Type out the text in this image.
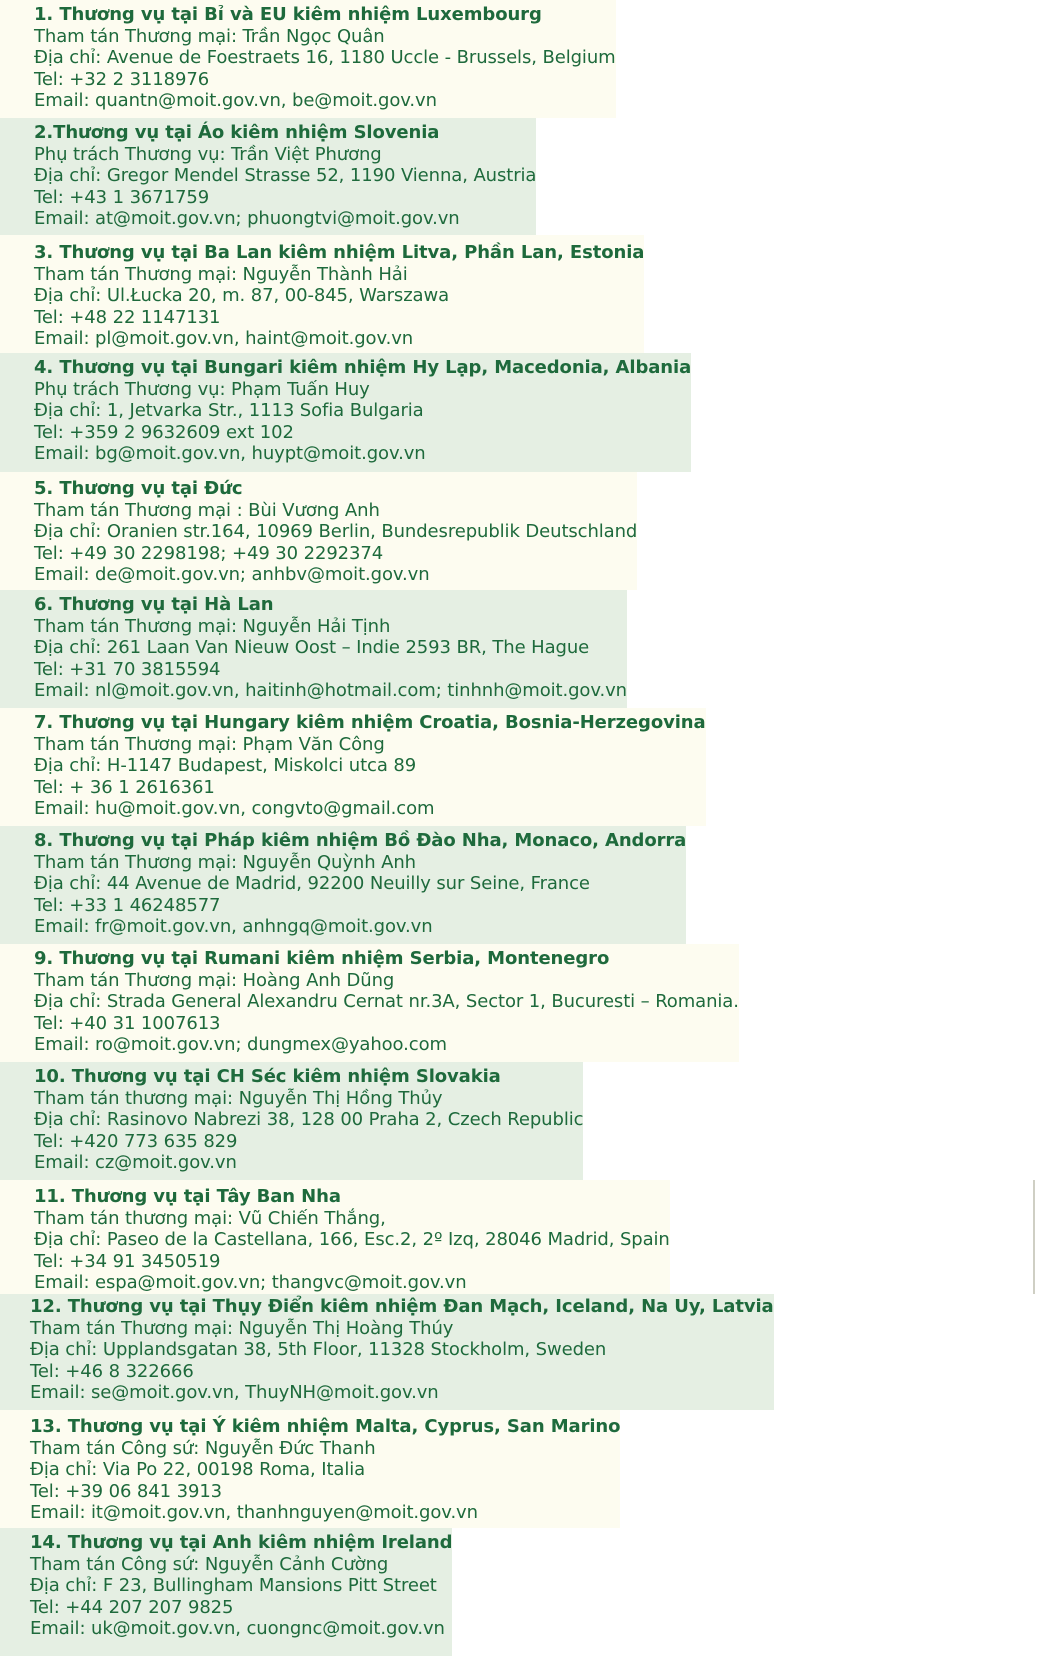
1. Thương vụ tại Bỉ và EU kiêm nhiệm Luxembourg
Tham tán Thương mại: Trần Ngọc Quân
Địa chỉ: Avenue de Foestraets 16, 1180 Uccle - Brussels, Belgium
Tel: +32 2 3118976
Email: quantn@moit.gov.vn, be@moit.gov.vn
2.Thương vụ tại Áo kiêm nhiệm Slovenia
Phụ trách Thương vụ: Trần Việt Phương
Địa chỉ: Gregor Mendel Strasse 52, 1190 Vienna, Austria
Tel: +43 1 3671759
Email: at@moit.gov.vn; phuongtvi@moit.gov.vn
3. Thương vụ tại Ba Lan kiêm nhiệm Litva, Phần Lan, Estonia
Tham tán Thương mại: Nguyễn Thành Hải
Địa chỉ: Ul.Łucka 20, m. 87, 00-845, Warszawa
Tel: +48 22 1147131
Email: pl@moit.gov.vn, haint@moit.gov.vn
4. Thương vụ tại Bungari kiêm nhiệm Hy Lạp, Macedonia, Albania
Phụ trách Thương vụ: Phạm Tuấn Huy
Địa chỉ: 1, Jetvarka Str., 1113 Sofia Bulgaria
Tel: +359 2 9632609 ext 102
Email: bg@moit.gov.vn, huypt@moit.gov.vn
5. Thương vụ tại Đức
Tham tán Thương mại : Bùi Vương Anh
Địa chỉ: Oranien str.164, 10969 Berlin, Bundesrepublik Deutschland
Tel: +49 30 2298198; +49 30 2292374
Email: de@moit.gov.vn; anhbv@moit.gov.vn
6. Thương vụ tại Hà Lan
Tham tán Thương mại: Nguyễn Hải Tịnh
Địa chỉ: 261 Laan Van Nieuw Oost – Indie 2593 BR, The Hague
Tel: +31 70 3815594
Email: nl@moit.gov.vn, haitinh@hotmail.com; tinhnh@moit.gov.vn
7. Thương vụ tại Hungary kiêm nhiệm Croatia, Bosnia-Herzegovina
Tham tán Thương mại: Phạm Văn Công
Địa chỉ: H-1147 Budapest, Miskolci utca 89
Tel: + 36 1 2616361
Email: hu@moit.gov.vn, congvto@gmail.com
8. Thương vụ tại Pháp kiêm nhiệm Bồ Đào Nha, Monaco, Andorra
Tham tán Thương mại: Nguyễn Quỳnh Anh
Địa chỉ: 44 Avenue de Madrid, 92200 Neuilly sur Seine, France
Tel: +33 1 46248577
Email: fr@moit.gov.vn, anhngq@moit.gov.vn
9. Thương vụ tại Rumani kiêm nhiệm Serbia, Montenegro
Tham tán Thương mại: Hoàng Anh Dũng
Địa chỉ: Strada General Alexandru Cernat nr.3A, Sector 1, Bucuresti – Romania.
Tel: +40 31 1007613
Email: ro@moit.gov.vn; dungmex@yahoo.com
10. Thương vụ tại CH Séc kiêm nhiệm Slovakia
Tham tán thương mại: Nguyễn Thị Hồng Thủy
Địa chỉ: Rasinovo Nabrezi 38, 128 00 Praha 2, Czech Republic
Tel: +420 773 635 829
Email: cz@moit.gov.vn
11. Thương vụ tại Tây Ban Nha
Tham tán thương mại: Vũ Chiến Thắng,
Địa chỉ: Paseo de la Castellana, 166, Esc.2, 2º Izq, 28046 Madrid, Spain
Tel: +34 91 3450519
Email: espa@moit.gov.vn; thangvc@moit.gov.vn
12. Thương vụ tại Thụy Điển kiêm nhiệm Đan Mạch, Iceland, Na Uy, Latvia
Tham tán Thương mại: Nguyễn Thị Hoàng Thúy
Địa chỉ: Upplandsgatan 38, 5th Floor, 11328 Stockholm, Sweden
Tel: +46 8 322666
Email: se@moit.gov.vn, ThuyNH@moit.gov.vn
13. Thương vụ tại Ý kiêm nhiệm Malta, Cyprus, San Marino
Tham tán Công sứ: Nguyễn Đức Thanh
Địa chỉ: Via Po 22, 00198 Roma, Italia
Tel: +39 06 841 3913
Email: it@moit.gov.vn, thanhnguyen@moit.gov.vn
14. Thương vụ tại Anh kiêm nhiệm Ireland
Tham tán Công sứ: Nguyễn Cảnh Cường
Địa chỉ: F 23, Bullingham Mansions Pitt Street
Tel: +44 207 207 9825
Email: uk@moit.gov.vn, cuongnc@moit.gov.vn
